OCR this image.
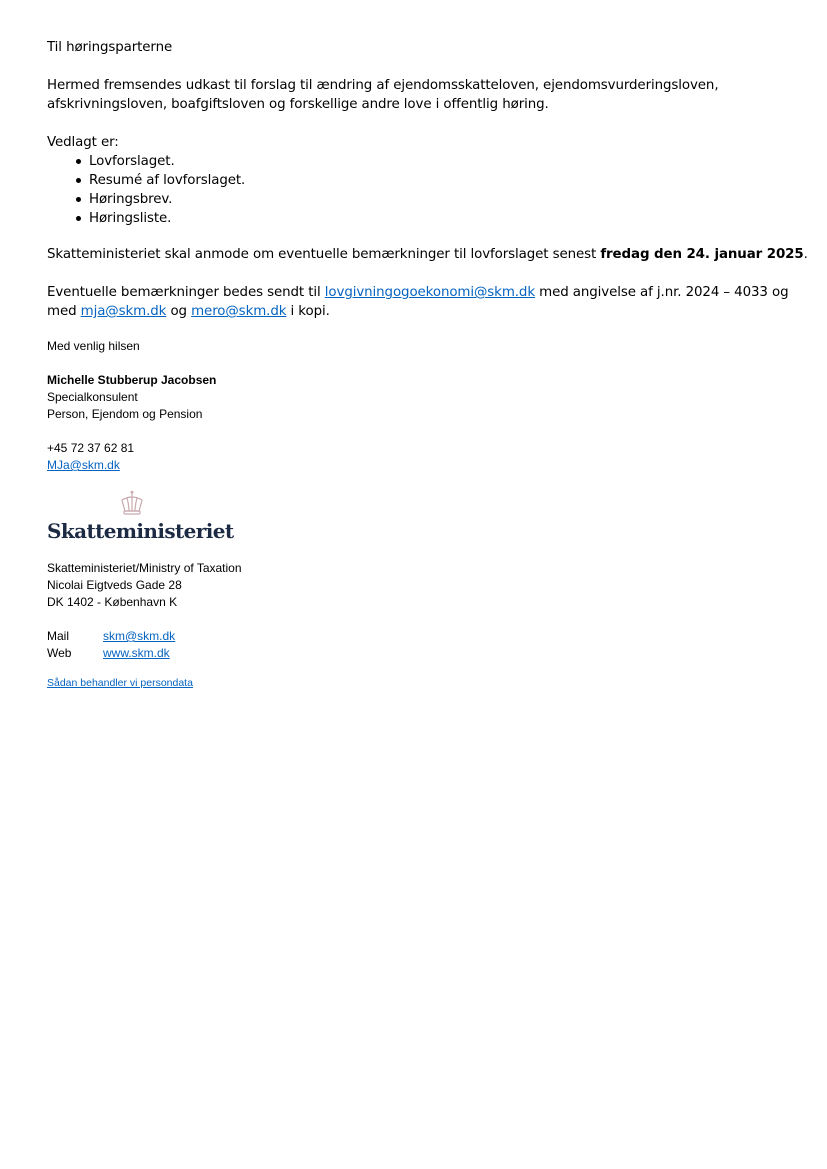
Til høringsparterne

Hermed fremsendes udkast til forslag til ændring af ejendomsskatteloven, ejendomsvurderingsloven,
afskrivningsloven, boafgiftsloven og forskellige andre love i offentlig høring.
Vedlagt er:
Lovforslaget.
Resumé af lovforslaget.
Høringsbrev.
Høringsliste.

Skatteministeriet skal anmode om eventuelle bemærkninger til lovforslaget senest fredag den 24. januar 2025.

Eventuelle bemærkninger bedes sendt til lovgivningogoekonomi@skm.dk med angivelse af j.nr. 2024 – 4033 og
med mja@skm.dk og mero@skm.dk i kopi.
Med venlig hilsen
Michelle Stubberup Jacobsen
Specialkonsulent
Person, Ejendom og Pension
+45 72 37 62 81
MJa@skm.dk
Skatteministeriet
Skatteministeriet/Ministry of Taxation
Nicolai Eigtveds Gade 28
DK 1402 - København K
Mail	skm@skm.dk
Web	www.skm.dk
Sådan behandler vi persondata
